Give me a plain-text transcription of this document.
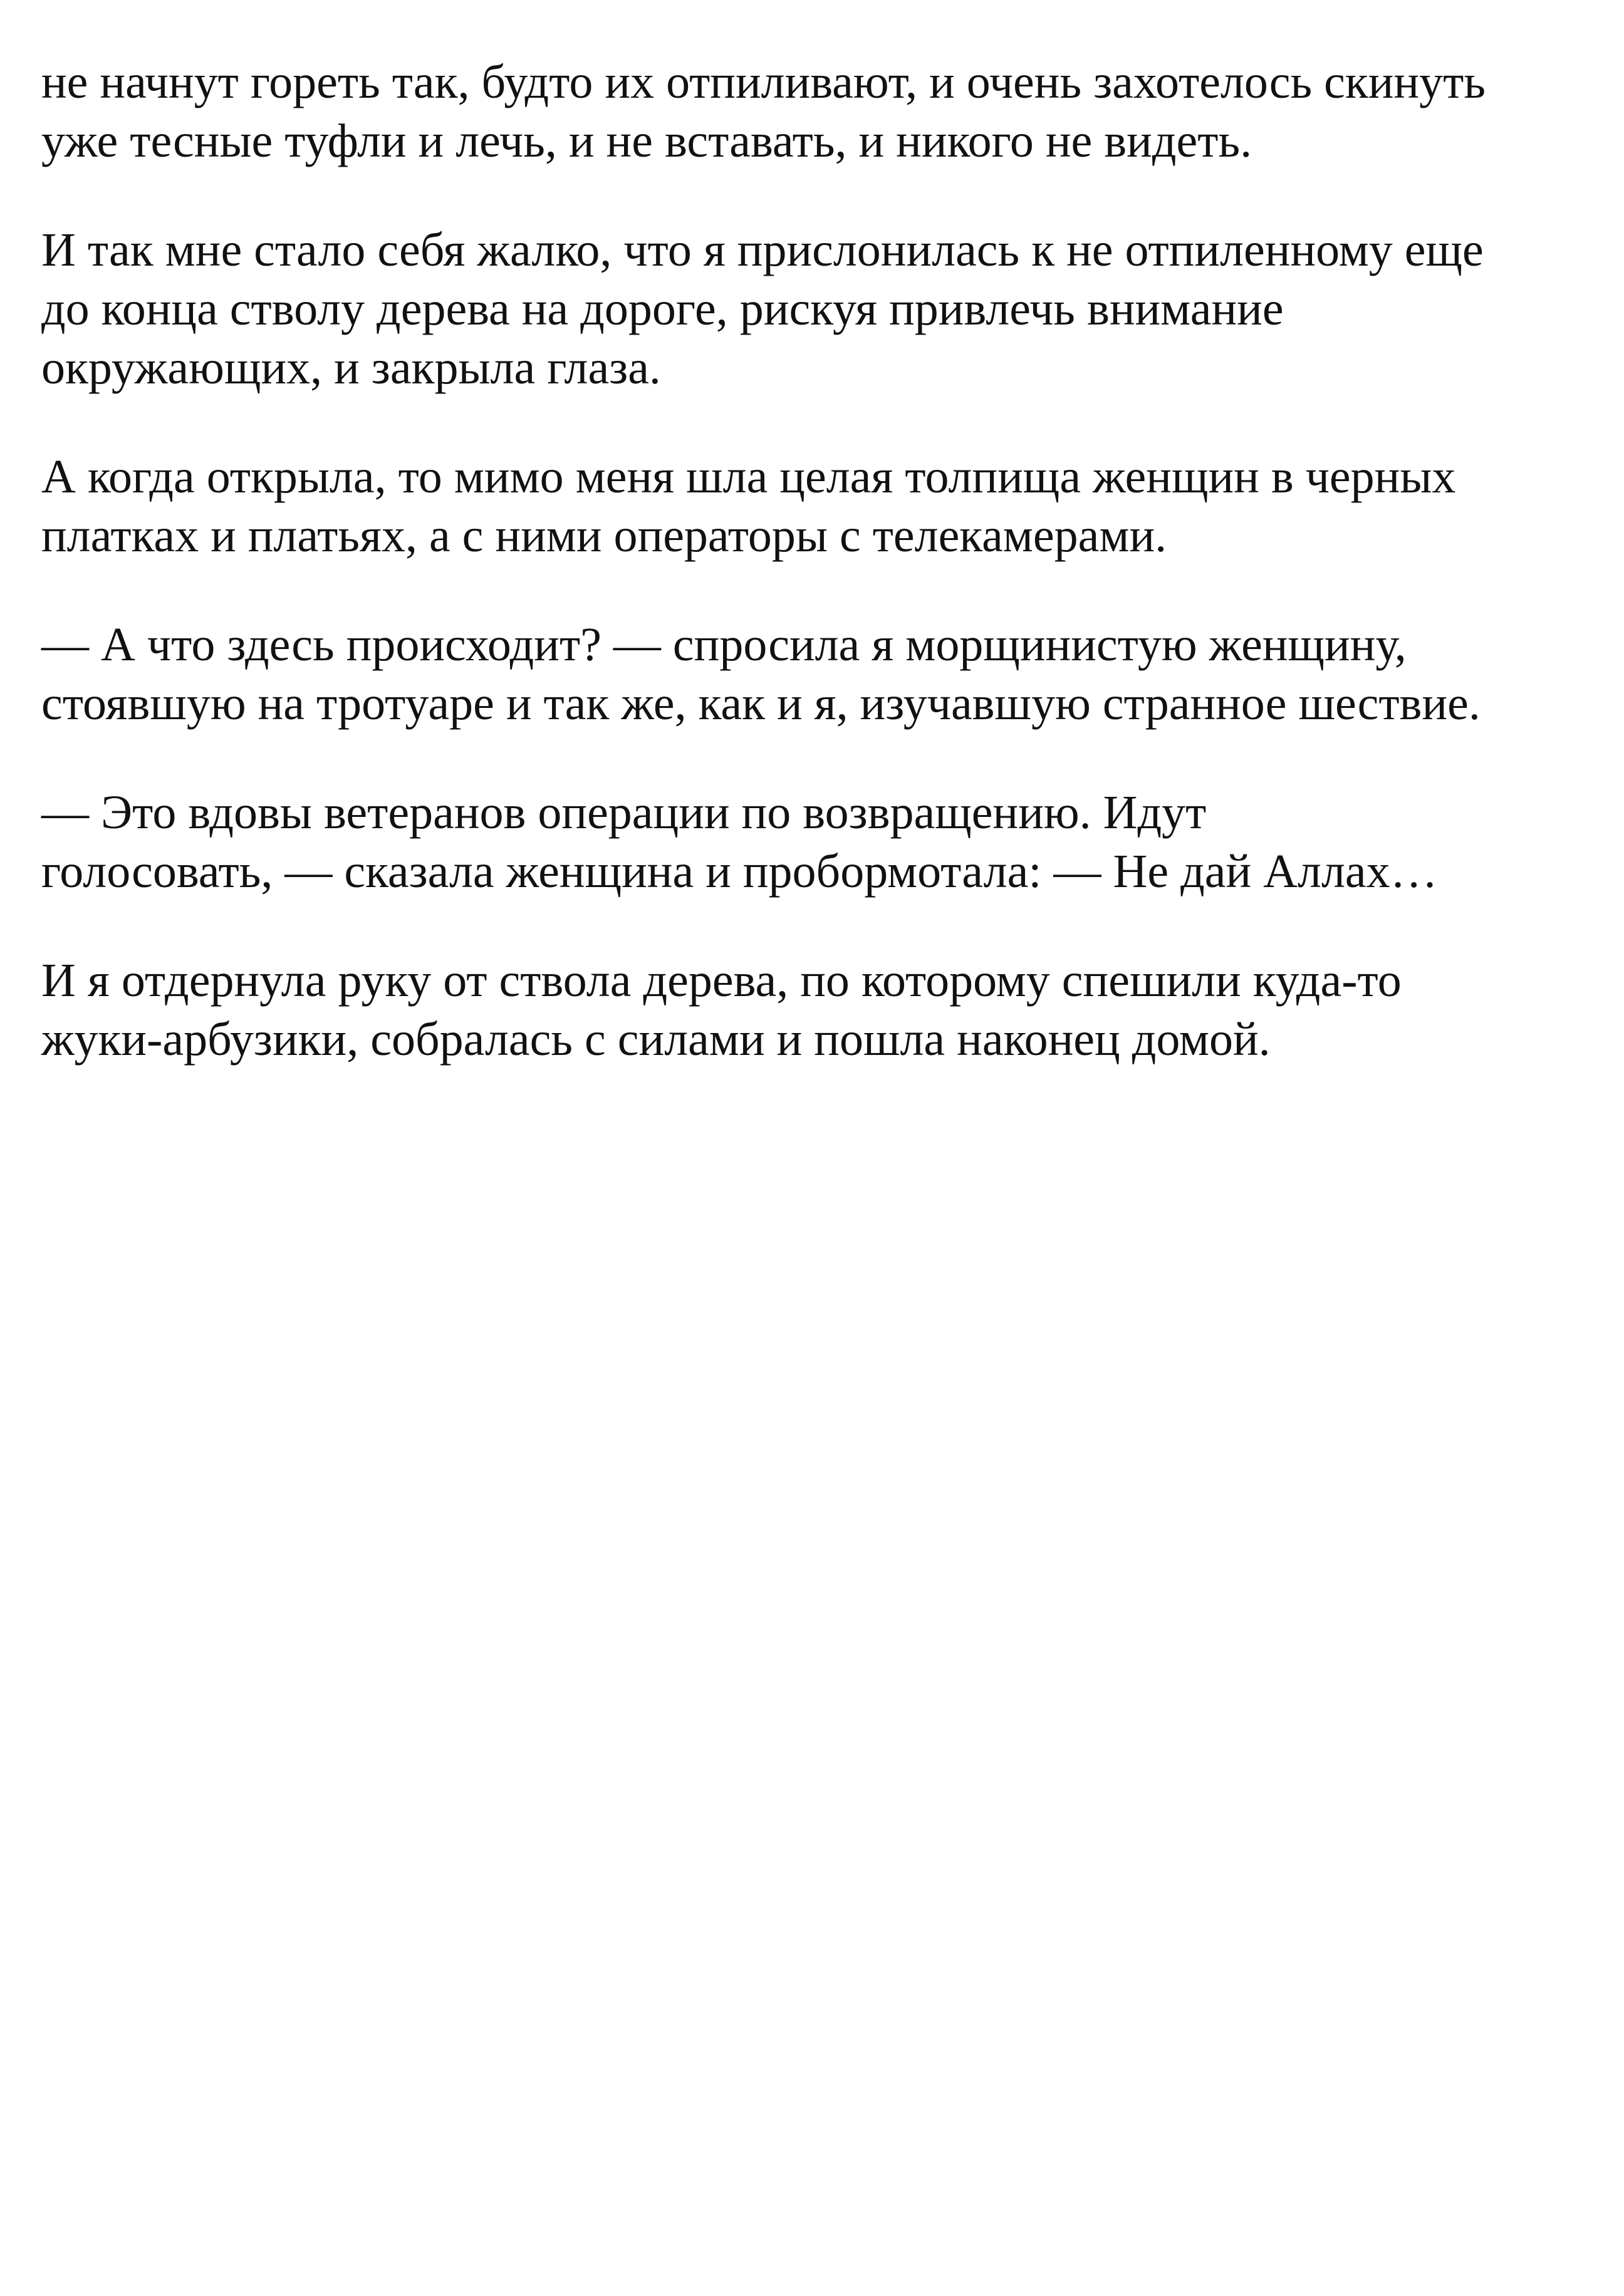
не начнут гореть так, будто их отпиливают, и очень захотелось скинуть
уже тесные туфли и лечь, и не вставать, и никого не видеть.

И так мне стало себя жалко, что я прислонилась к не отпиленному еще
до конца стволу дерева на дороге, рискуя привлечь внимание
окружающих, и закрыла глаза.

А когда открыла, то мимо меня шла целая толпища женщин в черных
платках и платьях, а с ними операторы с телекамерами.

— А что здесь происходит? — спросила я морщинистую женщину,
стоявшую на тротуаре и так же, как и я, изучавшую странное шествие.

— Это вдовы ветеранов операции по возвращению. Идут
голосовать, — сказала женщина и пробормотала: — Не дай Аллах…

И я отдернула руку от ствола дерева, по которому спешили куда-то
жуки-арбузики, собралась с силами и пошла наконец домой.
